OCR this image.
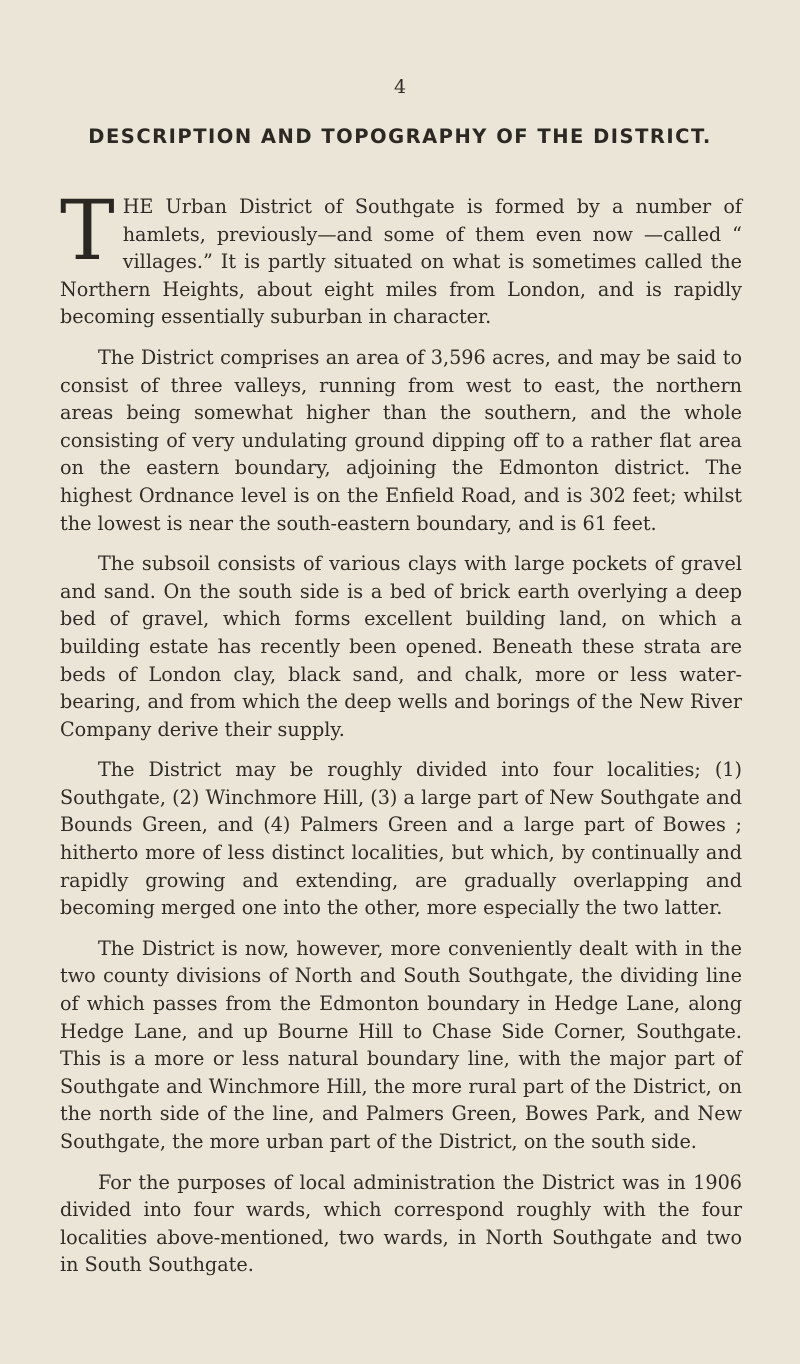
4
DESCRIPTION AND TOPOGRAPHY OF THE DISTRICT.

THE Urban District of Southgate is formed by a number of hamlets, previously—and some of them even now —called “ villages.” It is partly situated on what is sometimes called the Northern Heights, about eight miles from London, and is rapidly becoming essentially suburban in character.

The District comprises an area of 3,596 acres, and may be said to consist of three valleys, running from west to east, the northern areas being somewhat higher than the southern, and the whole consisting of very undulating ground dipping off to a rather flat area on the eastern boundary, adjoining the Edmonton district. The highest Ordnance level is on the Enfield Road, and is 302 feet; whilst the lowest is near the south-eastern boundary, and is 61 feet.

The subsoil consists of various clays with large pockets of gravel and sand. On the south side is a bed of brick earth overlying a deep bed of gravel, which forms excellent building land, on which a building estate has recently been opened. Beneath these strata are beds of London clay, black sand, and chalk, more or less water-bearing, and from which the deep wells and borings of the New River Company derive their supply.

The District may be roughly divided into four localities; (1) Southgate, (2) Winchmore Hill, (3) a large part of New Southgate and Bounds Green, and (4) Palmers Green and a large part of Bowes ; hitherto more of less distinct localities, but which, by continually and rapidly growing and extending, are gradually overlapping and becoming merged one into the other, more especially the two latter.

The District is now, however, more conveniently dealt with in the two county divisions of North and South Southgate, the dividing line of which passes from the Edmonton boundary in Hedge Lane, along Hedge Lane, and up Bourne Hill to Chase Side Corner, Southgate. This is a more or less natural boundary line, with the major part of Southgate and Winchmore Hill, the more rural part of the District, on the north side of the line, and Palmers Green, Bowes Park, and New Southgate, the more urban part of the District, on the south side.

For the purposes of local administration the District was in 1906 divided into four wards, which correspond roughly with the four localities above-mentioned, two wards, in North Southgate and two in South Southgate.
